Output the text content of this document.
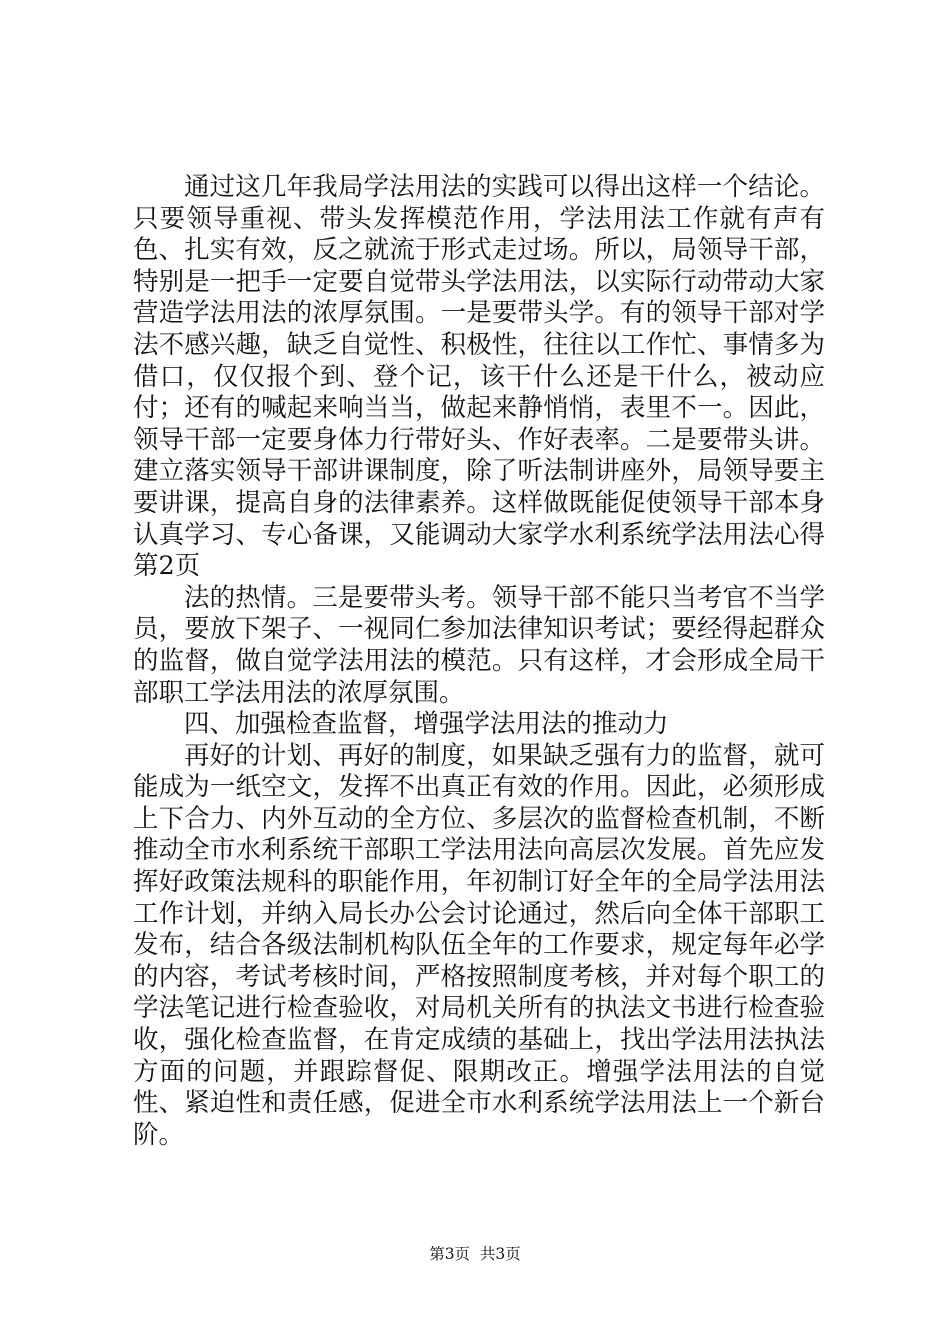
通过这几年我局学法用法的实践可以得出这样一个结论。只要领导重视、带头发挥模范作用，学法用法工作就有声有色、扎实有效，反之就流于形式走过场。所以，局领导干部，特别是一把手一定要自觉带头学法用法，以实际行动带动大家营造学法用法的浓厚氛围。一是要带头学。有的领导干部对学法不感兴趣，缺乏自觉性、积极性，往往以工作忙、事情多为借口，仅仅报个到、登个记，该干什么还是干什么，被动应付；还有的喊起来响当当，做起来静悄悄，表里不一。因此，领导干部一定要身体力行带好头、作好表率。二是要带头讲。建立落实领导干部讲课制度，除了听法制讲座外，局领导要主要讲课，提高自身的法律素养。这样做既能促使领导干部本身认真学习、专心备课，又能调动大家学水利系统学法用法心得第2页

法的热情。三是要带头考。领导干部不能只当考官不当学员，要放下架子、一视同仁参加法律知识考试；要经得起群众的监督，做自觉学法用法的模范。只有这样，才会形成全局干部职工学法用法的浓厚氛围。

四、加强检查监督，增强学法用法的推动力

再好的计划、再好的制度，如果缺乏强有力的监督，就可能成为一纸空文，发挥不出真正有效的作用。因此，必须形成上下合力、内外互动的全方位、多层次的监督检查机制，不断推动全市水利系统干部职工学法用法向高层次发展。首先应发挥好政策法规科的职能作用，年初制订好全年的全局学法用法工作计划，并纳入局长办公会讨论通过，然后向全体干部职工发布，结合各级法制机构队伍全年的工作要求，规定每年必学的内容，考试考核时间，严格按照制度考核，并对每个职工的学法笔记进行检查验收，对局机关所有的执法文书进行检查验收，强化检查监督，在肯定成绩的基础上，找出学法用法执法方面的问题，并跟踪督促、限期改正。增强学法用法的自觉性、紧迫性和责任感，促进全市水利系统学法用法上一个新台阶。

第3页 共3页
